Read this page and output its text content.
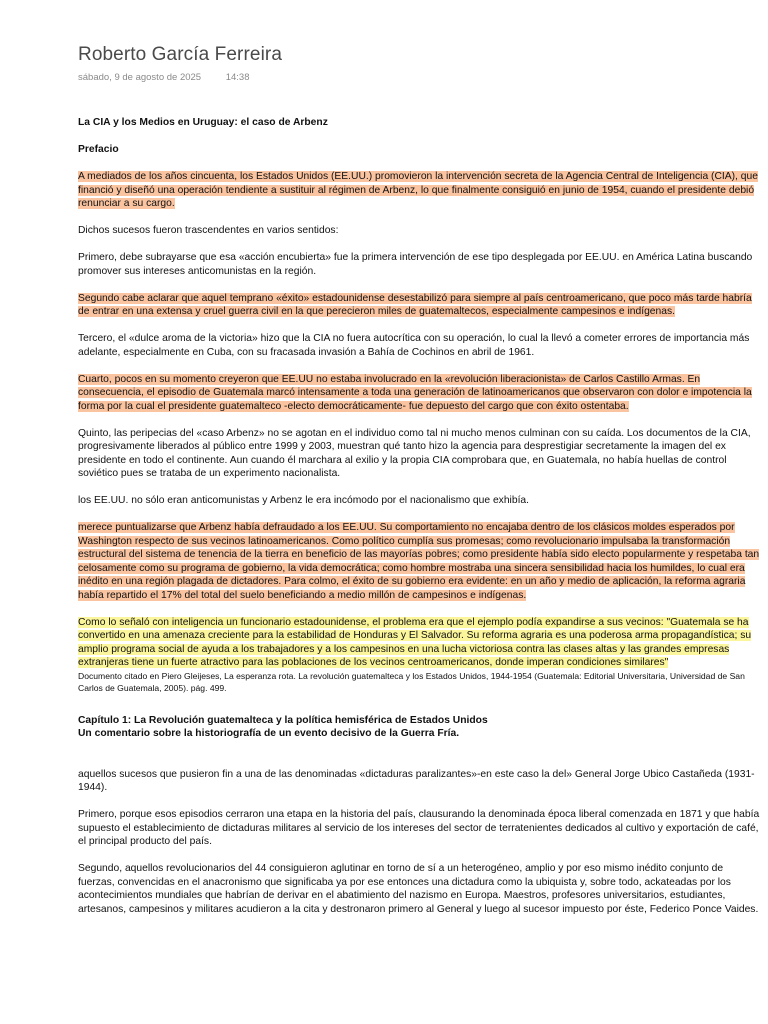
Roberto García Ferreira
sábado, 9 de agosto de 2025	14:38

La CIA y los Medios en Uruguay: el caso de Arbenz

Prefacio

A mediados de los años cincuenta, los Estados Unidos (EE.UU.) promovieron la intervención secreta de la Agencia Central de Inteligencia (CIA), que financió y diseñó una operación tendiente a sustituir al régimen de Arbenz, lo que finalmente consiguió en junio de 1954, cuando el presidente debió renunciar a su cargo.

Dichos sucesos fueron trascendentes en varios sentidos:

Primero, debe subrayarse que esa «acción encubierta» fue la primera intervención de ese tipo desplegada por EE.UU. en América Latina buscando promover sus intereses anticomunistas en la región.

Segundo cabe aclarar que aquel temprano «éxito» estadounidense desestabilizó para siempre al país centroamericano, que poco más tarde habría de entrar en una extensa y cruel guerra civil en la que perecieron miles de guatemaltecos, especialmente campesinos e indígenas.

Tercero, el «dulce aroma de la victoria» hizo que la CIA no fuera autocrítica con su operación, lo cual la llevó a cometer errores de importancia más adelante, especialmente en Cuba, con su fracasada invasión a Bahía de Cochinos en abril de 1961.

Cuarto, pocos en su momento creyeron que EE.UU no estaba involucrado en la «revolución liberacionista» de Carlos Castillo Armas. En consecuencia, el episodio de Guatemala marcó intensamente a toda una generación de latinoamericanos que observaron con dolor e impotencia la forma por la cual el presidente guatemalteco -electo democráticamente- fue depuesto del cargo que con éxito ostentaba.

Quinto, las peripecias del «caso Arbenz» no se agotan en el individuo como tal ni mucho menos culminan con su caída. Los documentos de la CIA, progresivamente liberados al público entre 1999 y 2003, muestran qué tanto hizo la agencia para desprestigiar secretamente la imagen del ex presidente en todo el continente. Aun cuando él marchara al exilio y la propia CIA comprobara que, en Guatemala, no había huellas de control soviético pues se trataba de un experimento nacionalista.

los EE.UU. no sólo eran anticomunistas y Arbenz le era incómodo por el nacionalismo que exhibía.

merece puntualizarse que Arbenz había defraudado a los EE.UU. Su comportamiento no encajaba dentro de los clásicos moldes esperados por Washington respecto de sus vecinos latinoamericanos. Como político cumplía sus promesas; como revolucionario impulsaba la transformación estructural del sistema de tenencia de la tierra en beneficio de las mayorías pobres; como presidente había sido electo popularmente y respetaba tan celosamente como su programa de gobierno, la vida democrática; como hombre mostraba una sincera sensibilidad hacia los humildes, lo cual era inédito en una región plagada de dictadores. Para colmo, el éxito de su gobierno era evidente: en un año y medio de aplicación, la reforma agraria había repartido el 17% del total del suelo beneficiando a medio millón de campesinos e indígenas.

Como lo señaló con inteligencia un funcionario estadounidense, el problema era que el ejemplo podía expandirse a sus vecinos: "Guatemala se ha convertido en una amenaza creciente para la estabilidad de Honduras y El Salvador. Su reforma agraria es una poderosa arma propagandística; su amplio programa social de ayuda a los trabajadores y a los campesinos en una lucha victoriosa contra las clases altas y las grandes empresas extranjeras tiene un fuerte atractivo para las poblaciones de los vecinos centroamericanos, donde imperan condiciones similares"

Documento citado en Piero Gleijeses, La esperanza rota. La revolución guatemalteca y los Estados Unidos, 1944-1954 (Guatemala: Editorial Universitaria, Universidad de San Carlos de Guatemala, 2005). pág. 499.

Capítulo 1: La Revolución guatemalteca y la política hemisférica de Estados Unidos

Un comentario sobre la historiografía de un evento decisivo de la Guerra Fría.

aquellos sucesos que pusieron fin a una de las denominadas «dictaduras paralizantes»-en este caso la del» General Jorge Ubico Castañeda (1931-1944).

Primero, porque esos episodios cerraron una etapa en la historia del país, clausurando la denominada época liberal comenzada en 1871 y que había supuesto el establecimiento de dictaduras militares al servicio de los intereses del sector de terratenientes dedicados al cultivo y exportación de café, el principal producto del país.

Segundo, aquellos revolucionarios del 44 consiguieron aglutinar en torno de sí a un heterogéneo, amplio y por eso mismo inédito conjunto de fuerzas, convencidas en el anacronismo que significaba ya por ese entonces una dictadura como la ubiquista y, sobre todo, ackateadas por los acontecimientos mundiales que habrían de derivar en el abatimiento del nazismo en Europa. Maestros, profesores universitarios, estudiantes, artesanos, campesinos y militares acudieron a la cita y destronaron primero al General y luego al sucesor impuesto por éste, Federico Ponce Vaides.
